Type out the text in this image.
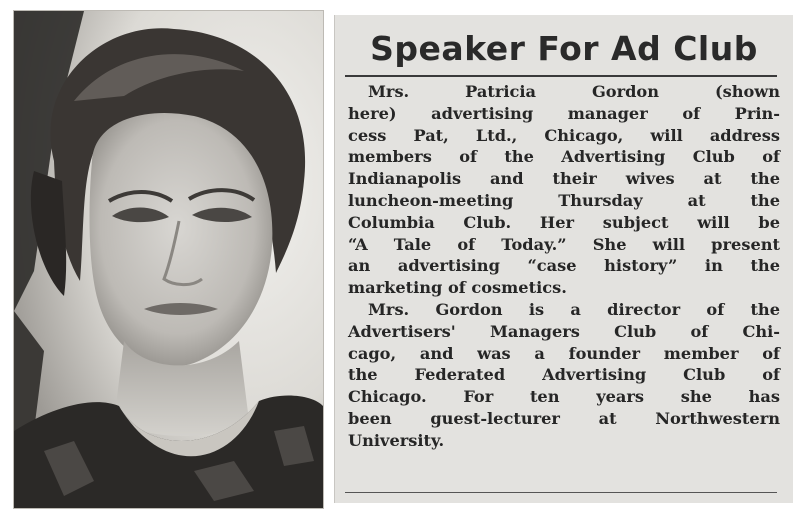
Speaker For Ad Club
Mrs. Patricia Gordon (shown
here) advertising manager of Prin-
cess Pat, Ltd., Chicago, will address
members of the Advertising Club of
Indianapolis and their wives at the
luncheon-meeting Thursday at the
Columbia Club. Her subject will be
“A Tale of Today.” She will present
an advertising “case history” in the
marketing of cosmetics.
Mrs. Gordon is a director of the
Advertisers' Managers Club of Chi-
cago, and was a founder member of
the Federated Advertising Club of
Chicago. For ten years she has
been guest-lecturer at Northwestern
University.
